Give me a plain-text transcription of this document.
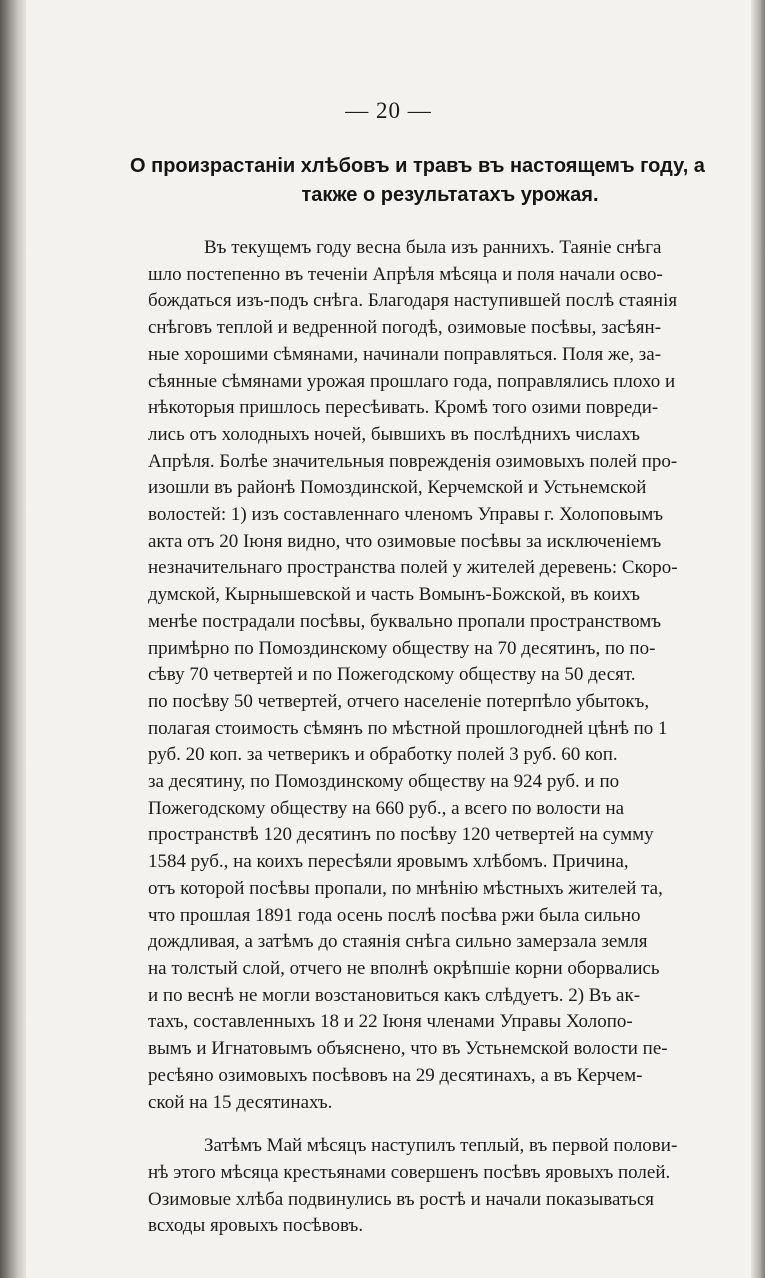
— 20 —
О произрастаніи хлѣбовъ и травъ въ настоящемъ году, а
также о результатахъ урожая.
Въ текущемъ году весна была изъ раннихъ. Таяніе снѣга
шло постепенно въ теченіи Апрѣля мѣсяца и поля начали осво-
бождаться изъ-подъ снѣга. Благодаря наступившей послѣ стаянія
снѣговъ теплой и ведренной погодѣ, озимовые посѣвы, засѣян-
ные хорошими сѣмянами, начинали поправляться. Поля же, за-
сѣянные сѣмянами урожая прошлаго года, поправлялись плохо и
нѣкоторыя пришлось пересѣивать. Кромѣ того озими повреди-
лись отъ холодныхъ ночей, бывшихъ въ послѣднихъ числахъ
Апрѣля. Болѣе значительныя поврежденія озимовыхъ полей про-
изошли въ районѣ Помоздинской, Керчемской и Устьнемской
волостей: 1) изъ составленнаго членомъ Управы г. Холоповымъ
акта отъ 20 Іюня видно, что озимовые посѣвы за исключеніемъ
незначительнаго пространства полей у жителей деревень: Скоро-
думской, Кырнышевской и часть Вомынъ-Божской, въ коихъ
менѣе пострадали посѣвы, буквально пропали пространствомъ
примѣрно по Помоздинскому обществу на 70 десятинъ, по по-
сѣву 70 четвертей и по Пожегодскому обществу на 50 десят.
по посѣву 50 четвертей, отчего населеніе потерпѣло убытокъ,
полагая стоимость сѣмянъ по мѣстной прошлогодней цѣнѣ по 1
руб. 20 коп. за четверикъ и обработку полей 3 руб. 60 коп.
за десятину, по Помоздинскому обществу на 924 руб. и по
Пожегодскому обществу на 660 руб., а всего по волости на
пространствѣ 120 десятинъ по посѣву 120 четвертей на сумму
1584 руб., на коихъ пересѣяли яровымъ хлѣбомъ. Причина,
отъ которой посѣвы пропали, по мнѣнію мѣстныхъ жителей та,
что прошлая 1891 года осень послѣ посѣва ржи была сильно
дождливая, а затѣмъ до стаянія снѣга сильно замерзала земля
на толстый слой, отчего не вполнѣ окрѣпшіе корни оборвались
и по веснѣ не могли возстановиться какъ слѣдуетъ. 2) Въ ак-
тахъ, составленныхъ 18 и 22 Іюня членами Управы Холопо-
вымъ и Игнатовымъ объяснено, что въ Устьнемской волости пе-
ресѣяно озимовыхъ посѣвовъ на 29 десятинахъ, а въ Керчем-
ской на 15 десятинахъ.
Затѣмъ Май мѣсяцъ наступилъ теплый, въ первой полови-
нѣ этого мѣсяца крестьянами совершенъ посѣвъ яровыхъ полей.
Озимовые хлѣба подвинулись въ ростѣ и начали показываться
всходы яровыхъ посѣвовъ.
